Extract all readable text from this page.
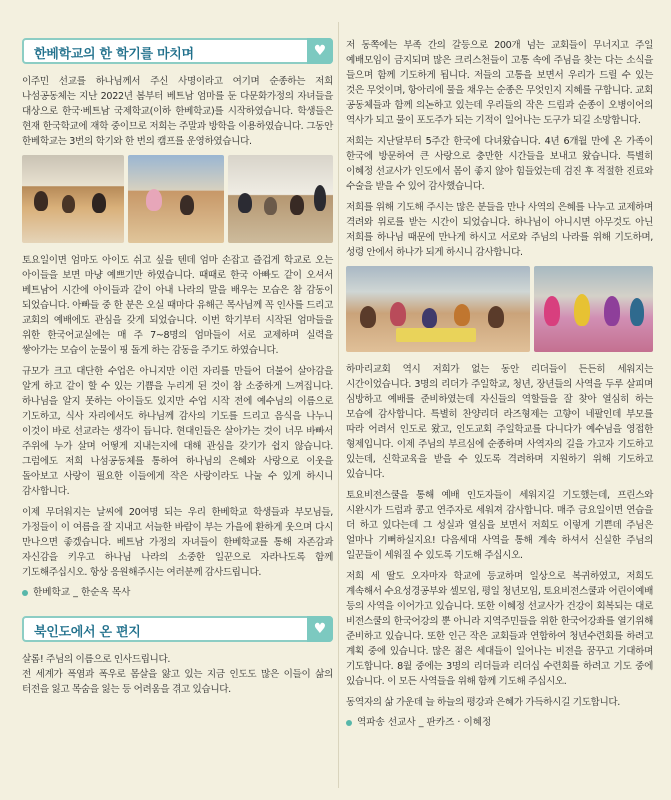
한베학교의 한 학기를 마치며	♥

이주민 선교를 하나님께서 주신 사명이라고 여기며 순종하는 저희 나섬공동체는 지난 2022년 봄부터 베트남 엄마를 둔 다문화가정의 자녀들을 대상으로 한국·베트남 국제학교(이하 한베학교)를 시작하였습니다. 학생들은 현재 한국학교에 재학 중이므로 저희는 주말과 방학을 이용하였습니다. 그동안 한베학교는 3번의 학기와 한 번의 캠프를 운영하였습니다.

토요일이면 엄마도 아이도 쉬고 싶을 텐데 엄마 손잡고 즐겁게 학교로 오는 아이들을 보면 마냥 예쁘기만 하였습니다. 때때로 한국 아빠도 같이 오셔서 베트남어 시간에 아이들과 같이 아내 나라의 말을 배우는 모습은 참 감동이 되었습니다. 아빠들 중 한 분은 오실 때마다 유해근 목사님께 꼭 인사를 드리고 교회의 예배에도 관심을 갖게 되었습니다. 이번 학기부터 시작된 엄마들을 위한 한국어교실에는 매 주 7~8명의 엄마들이 서로 교제하며 실력을 쌓아가는 모습이 눈물이 핑 돌게 하는 감동을 주기도 하였습니다.

규모가 크고 대단한 수업은 아니지만 이런 자리를 만들어 더불어 살아감을 알게 하고 같이 할 수 있는 기쁨을 누리게 된 것이 참 소중하게 느껴집니다. 하나님을 알지 못하는 아이들도 있지만 수업 시작 전에 예수님의 이름으로 기도하고, 식사 자리에서도 하나님께 감사의 기도를 드리고 음식을 나누니 이것이 바로 선교라는 생각이 듭니다. 현대인들은 살아가는 것이 너무 바빠서 주위에 누가 살며 어떻게 지내는지에 대해 관심을 갖기가 쉽지 않습니다. 그럼에도 저희 나섬공동체를 통하여 하나님의 은혜와 사랑으로 이웃을 돌아보고 사랑이 필요한 이들에게 작은 사랑이라도 나눌 수 있게 하시니 감사합니다.

이제 무더워지는 날씨에 20여명 되는 우리 한베학교 학생들과 부모님들, 가정들이 이 여름을 잘 지내고 서늘한 바람이 부는 가을에 환하게 웃으며 다시 만나으면 좋겠습니다. 베트남 가정의 자녀들이 한베학교를 통해 자존감과 자신감을 키우고 하나님 나라의 소중한 일꾼으로 자라나도록 함께 기도해주십시오. 항상 응원해주시는 여러분께 감사드립니다.

한베학교 _ 한순옥 목사
북인도에서 온 편지	♥

살롬! 주님의 이름으로 인사드립니다.

전 세계가 폭염과 폭우로 몸살을 앓고 있는 지금 인도도 많은 이들이 삶의 터전을 잃고 목숨을 잃는 등 어려움을 겪고 있습니다.

저 동쪽에는 부족 간의 갈등으로 200개 넘는 교회들이 무너지고 주일 예배모임이 금지되며 많은 크리스천들이 고통 속에 주님을 찾는 다는 소식을 들으며 함께 기도하게 됩니다. 저들의 고통을 보면서 우리가 드릴 수 있는 것은 무엇이며, 항아리에 물을 채우는 순종은 무엇인지 지혜를 구합니다. 교회 공동체들과 함께 의논하고 있는데 우리들의 작은 드림과 순종이 오병이어의 역사가 되고 물이 포도주가 되는 기적이 일어나는 도구가 되길 소망합니다.

저희는 지난달부터 5주간 한국에 다녀왔습니다. 4년 6개월 만에 온 가족이 한국에 방문하여 큰 사랑으로 충만한 시간들을 보내고 왔습니다. 특별히 이혜정 선교사가 인도에서 몸이 좋지 않아 힘들었는데 검진 후 적절한 진료와 수술을 받을 수 있어 감사했습니다.

저희를 위해 기도해 주시는 많은 분들을 만나 사역의 은혜를 나누고 교제하며 격려와 위로를 받는 시간이 되었습니다. 하나님이 아니시면 아무것도 아닌 저희를 하나님 때문에 만나게 하시고 서로와 주님의 나라를 위해 기도하며, 성령 안에서 하나가 되게 하시니 감사합니다.

하마리교회 역시 저희가 없는 동안 리더들이 든든히 세워지는 시간이었습니다. 3명의 리더가 주일학교, 청년, 장년들의 사역을 두루 살피며 심방하고 예배를 준비하였는데 자신들의 역할들을 잘 찾아 열심히 하는 모습에 감사합니다. 특별히 찬양리더 라즈형제는 고향이 네팔인데 부모를 따라 어려서 인도로 왔고, 인도교회 주일학교를 다니다가 예수님을 영접한 형제입니다. 이제 주님의 부르심에 순종하며 사역자의 길을 가고자 기도하고 있는데, 신학교육을 받을 수 있도록 격려하며 지원하기 위해 기도하고 있습니다.

토요비전스쿨을 통해 예배 인도자들이 세워지길 기도했는데, 프린스와 시완시가 드럼과 콩고 연주자로 세워져 감사합니다. 매주 금요일이면 연습을 더 하고 있다는데 그 성실과 열심을 보면서 저희도 이렇게 기쁜데 주님은 얼마나 기뻐하실지요! 다음세대 사역을 통해 계속 하셔서 신실한 주님의 일꾼들이 세워질 수 있도록 기도해 주십시오.

저희 세 딸도 오자마자 학교에 등교하며 일상으로 복귀하였고, 저희도 계속해서 수요성경공부와 셀모임, 평일 청년모임, 토요비전스쿨과 어린이예배 등의 사역을 이어가고 있습니다. 또한 이혜정 선교사가 건강이 회복되는 대로 비전스쿨의 한국어강의 뿐 아니라 지역주민들을 위한 한국어강좌를 열기위해 준비하고 있습니다. 또한 인근 작은 교회들과 연합하여 청년수련회를 하려고 계획 중에 있습니다. 많은 젊은 세대들이 일어나는 비전을 꿈꾸고 기대하며 기도합니다. 8월 중에는 3명의 리더들과 리더십 수련회를 하려고 기도 중에 있습니다. 이 모든 사역들을 위해 함께 기도해 주십시오.

동역자의 삶 가운데 늘 하늘의 평강과 은혜가 가득하시길 기도합니다.

역파송 선교사 _ 판카즈 · 이혜정
